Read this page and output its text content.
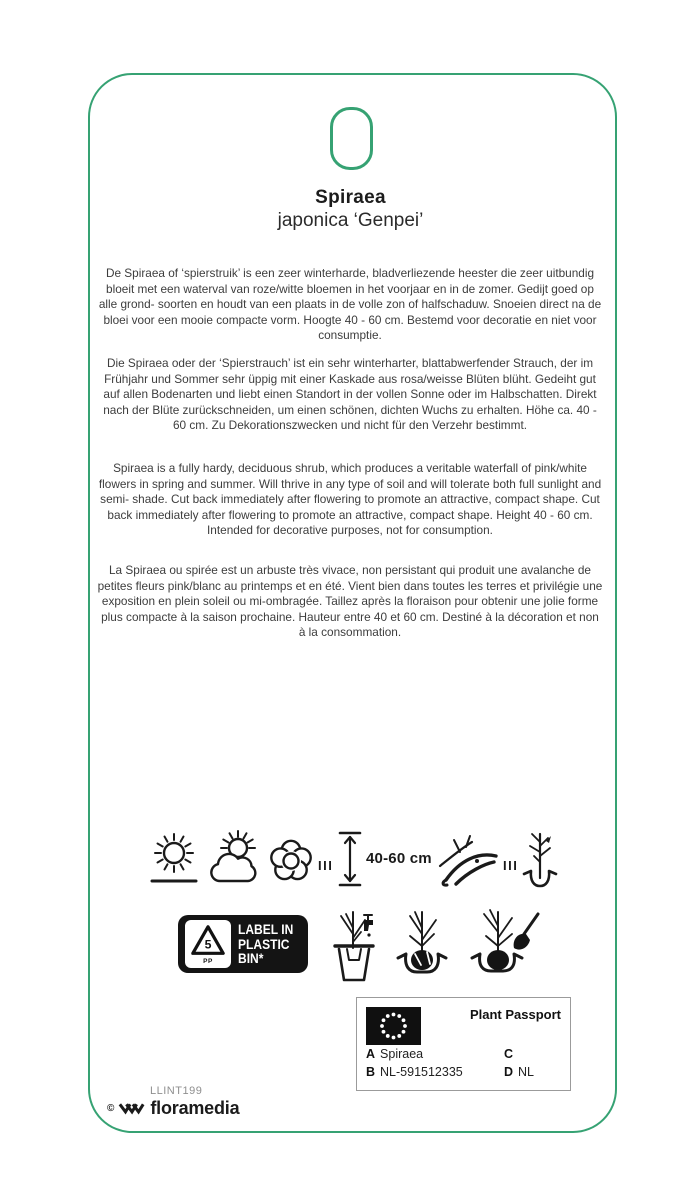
Spiraea
japonica ‘Genpei’

De Spiraea of ‘spierstruik’ is een zeer winterharde, bladverliezende heester die zeer uitbundig bloeit met een waterval van roze/witte bloemen in het voorjaar en in de zomer. Gedijt goed op alle grond- soorten en houdt van een plaats in de volle zon of halfschaduw. Snoeien direct na de bloei voor een mooie compacte vorm. Hoogte 40 - 60 cm. Bestemd voor decoratie en niet voor consumptie.

Die Spiraea oder der ‘Spierstrauch’ ist ein sehr winterharter, blattabwerfender Strauch, der im Frühjahr und Sommer sehr üppig mit einer Kaskade aus rosa/weisse Blüten blüht. Gedeiht gut auf allen Bodenarten und liebt einen Standort in der vollen Sonne oder im Halbschatten. Direkt nach der Blüte zurückschneiden, um einen schönen, dichten Wuchs zu erhalten. Höhe ca. 40 - 60 cm. Zu Dekorationszwecken und nicht für den Verzehr bestimmt.

Spiraea is a fully hardy, deciduous shrub, which produces a veritable waterfall of pink/white flowers in spring and summer. Will thrive in any type of soil and will tolerate both full sunlight and semi- shade. Cut back immediately after flowering to promote an attractive, compact shape. Cut back immediately after flowering to promote an attractive, compact shape. Height 40 - 60 cm. Intended for decorative purposes, not for consumption.

La Spiraea ou spirée est un arbuste très vivace, non persistant qui produit une avalanche de petites fleurs pink/blanc au printemps et en été. Vient bien dans toutes les terres et privilégie une exposition en plein soleil ou mi-ombragée. Taillez après la floraison pour obtenir une jolie forme plus compacte à la saison prochaine. Hauteur entre 40 et 60 cm. Destiné à la décoration et non à la consommation.

III 40-60 cm	III
5
PP
LABEL IN
PLASTIC
BIN*
Plant Passport
A Spiraea
B NL-591512335
C
D NL
LLINT199
© floramedia
